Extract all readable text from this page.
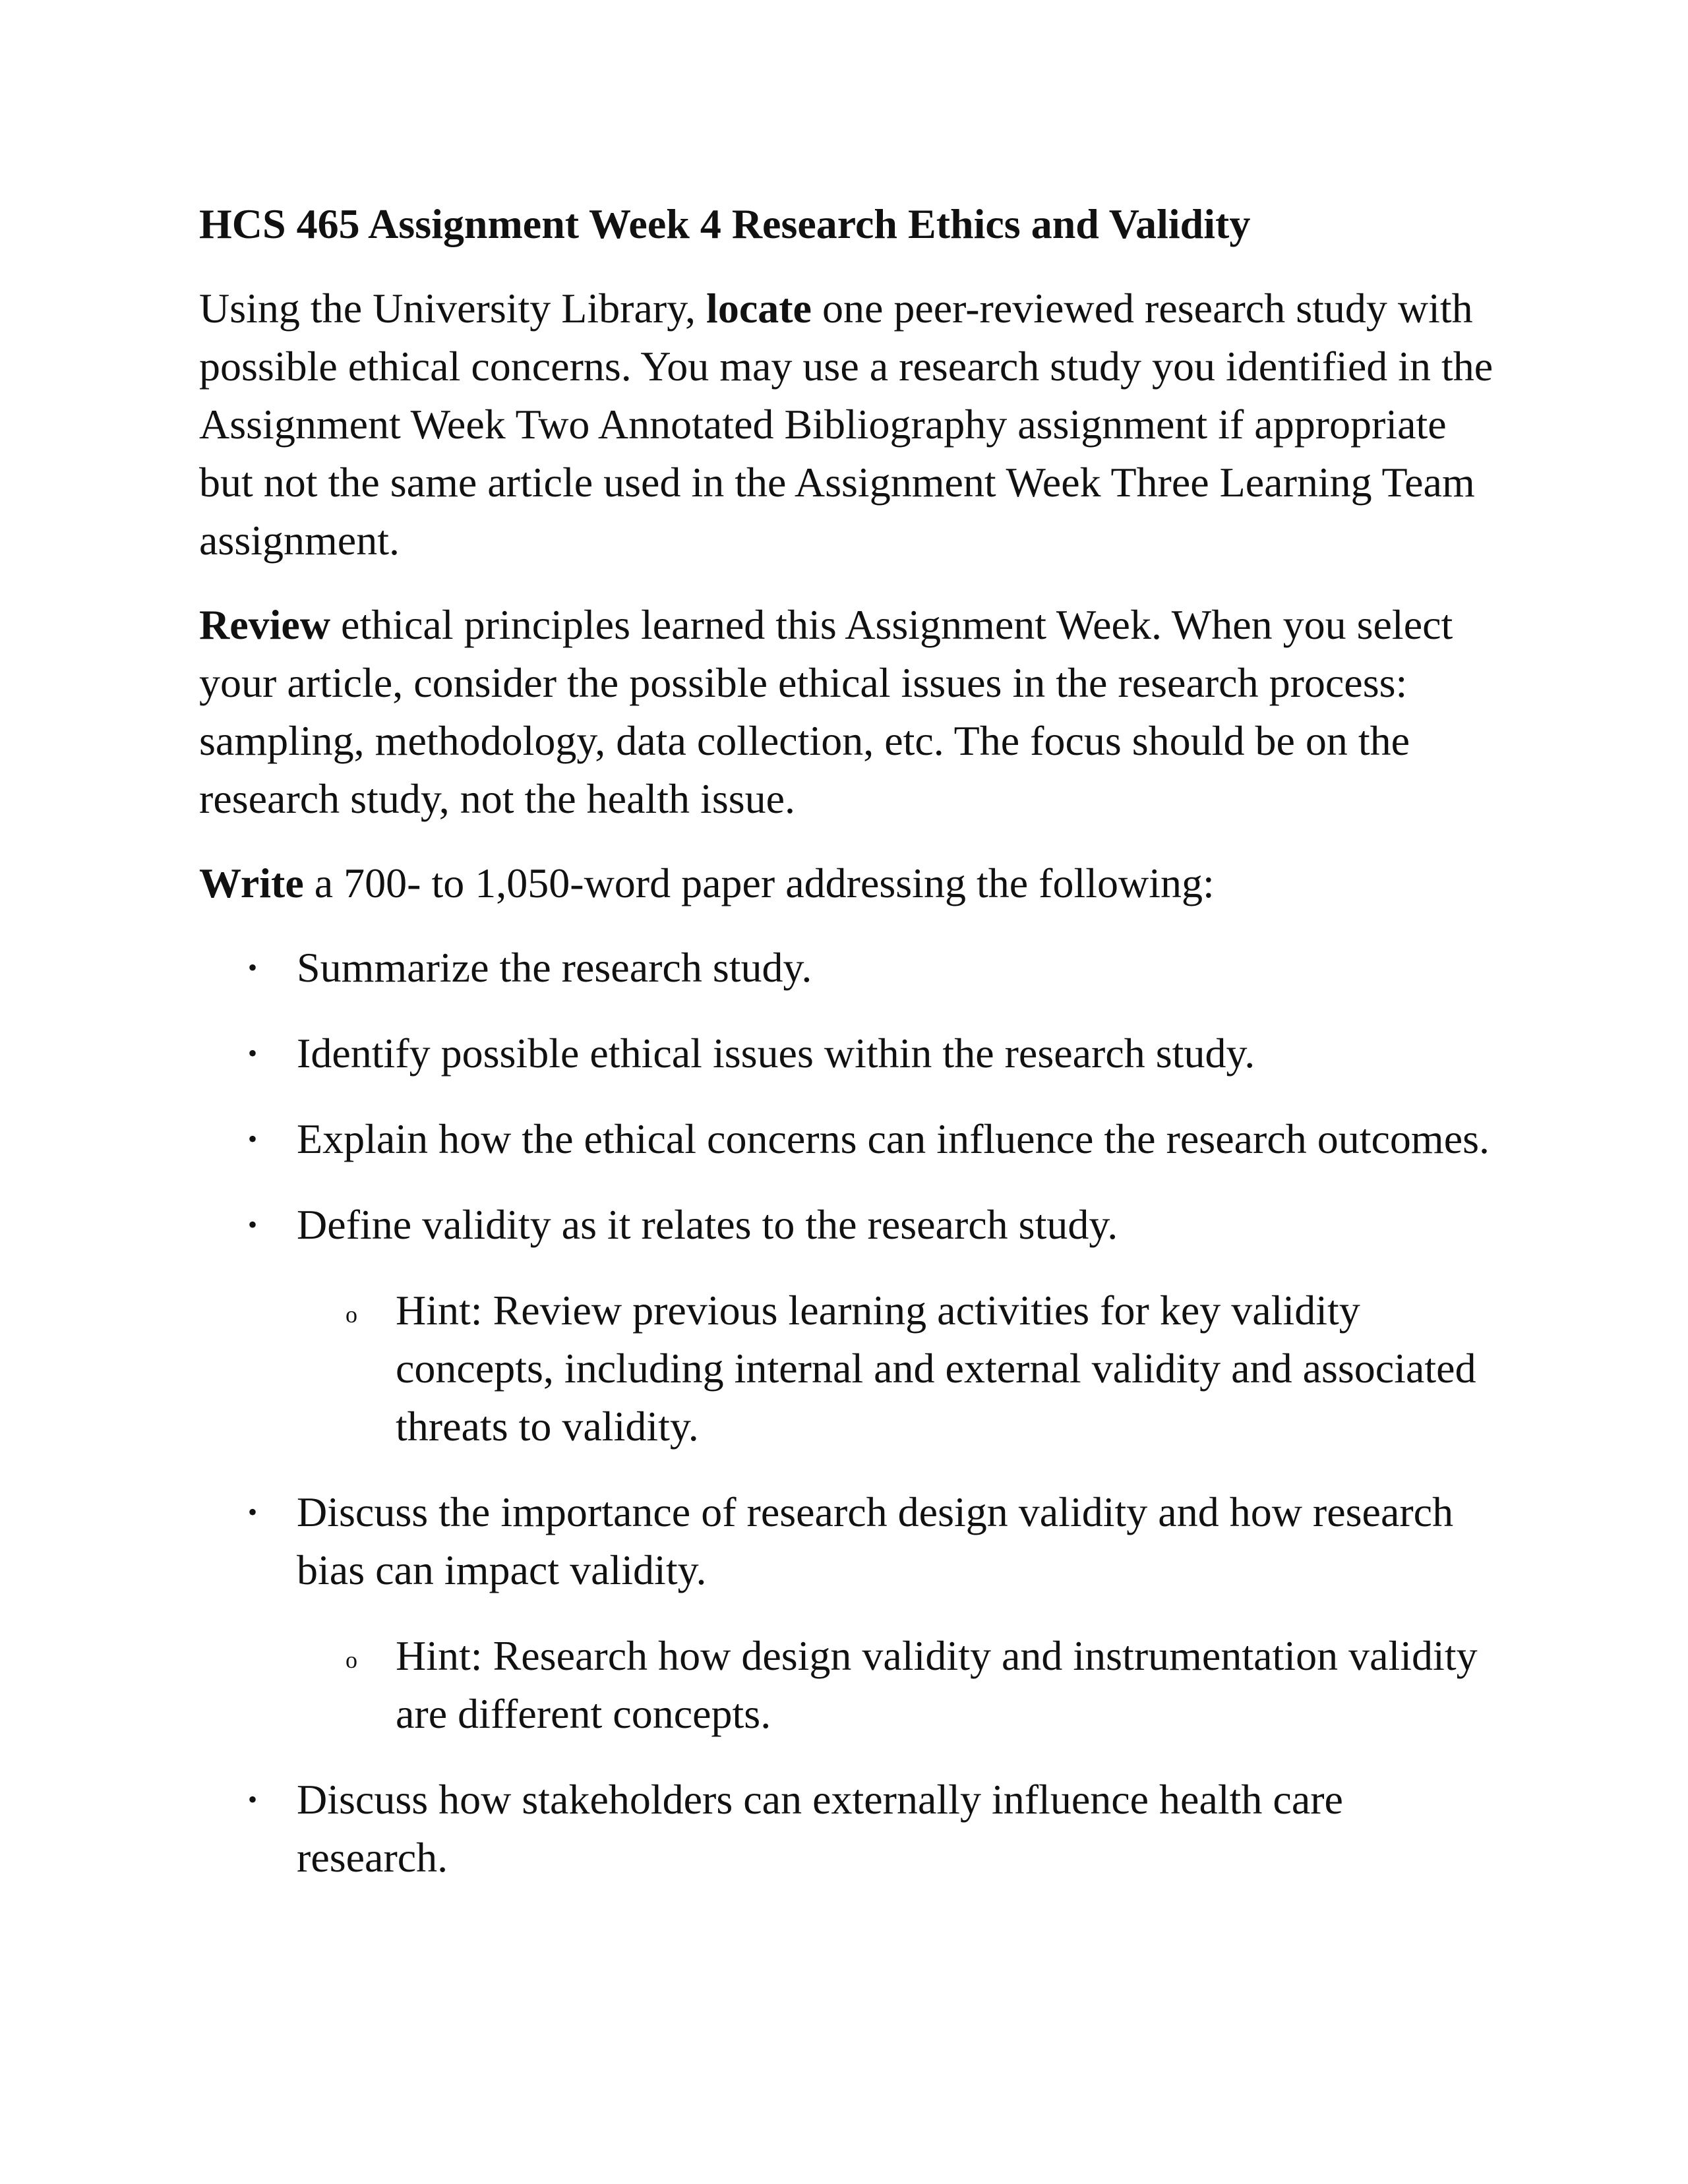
HCS 465 Assignment Week 4 Research Ethics and Validity

Using the University Library, locate one peer-reviewed research study with possible ethical concerns. You may use a research study you identified in the Assignment Week Two Annotated Bibliography assignment if appropriate but not the same article used in the Assignment Week Three Learning Team assignment.

Review ethical principles learned this Assignment Week. When you select your article, consider the possible ethical issues in the research process: sampling, methodology, data collection, etc. The focus should be on the research study, not the health issue.

Write a 700- to 1,050-word paper addressing the following:

• Summarize the research study.
• Identify possible ethical issues within the research study.
• Explain how the ethical concerns can influence the research outcomes.
• Define validity as it relates to the research study.
o Hint: Review previous learning activities for key validity concepts, including internal and external validity and associated threats to validity.
• Discuss the importance of research design validity and how research bias can impact validity.
o Hint: Research how design validity and instrumentation validity are different concepts.
• Discuss how stakeholders can externally influence health care research.
